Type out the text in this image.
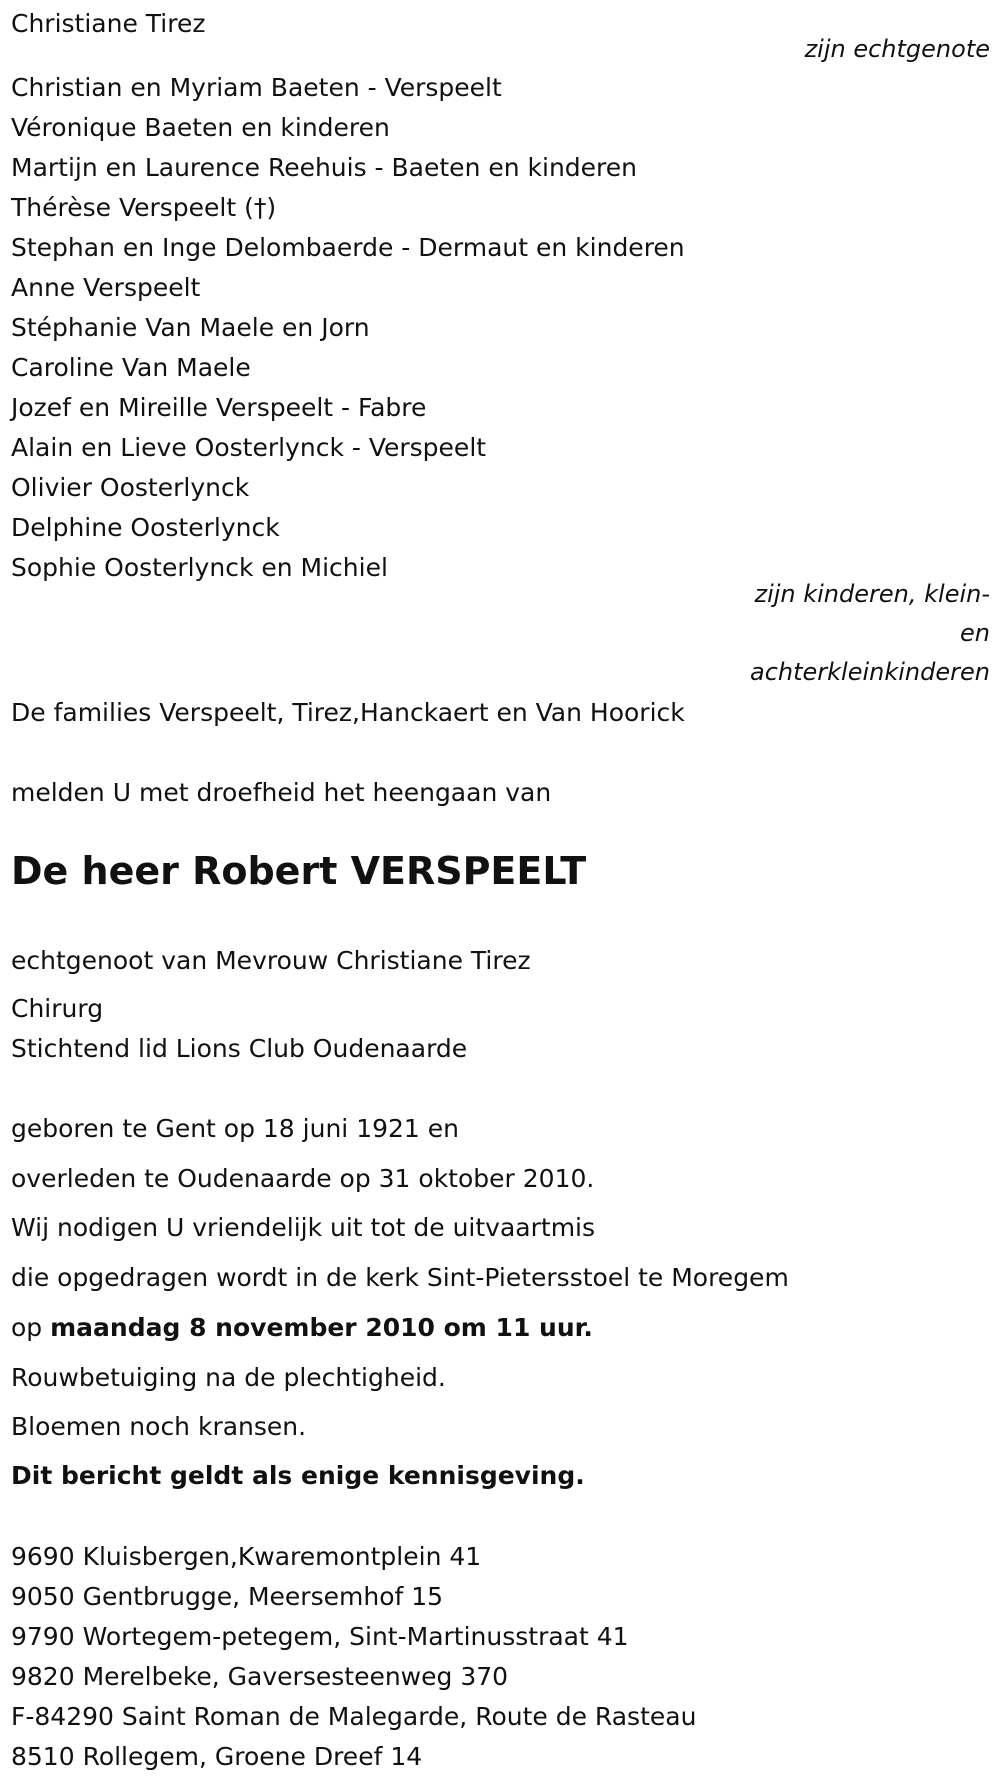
Christiane Tirez
zijn echtgenote
Christian en Myriam Baeten - Verspeelt
Véronique Baeten en kinderen
Martijn en Laurence Reehuis - Baeten en kinderen
Thérèse Verspeelt (†)
Stephan en Inge Delombaerde - Dermaut en kinderen
Anne Verspeelt
Stéphanie Van Maele en Jorn
Caroline Van Maele
Jozef en Mireille Verspeelt - Fabre
Alain en Lieve Oosterlynck - Verspeelt
Olivier Oosterlynck
Delphine Oosterlynck
Sophie Oosterlynck en Michiel
zijn kinderen, klein-
en
achterkleinkinderen
De families Verspeelt, Tirez,Hanckaert en Van Hoorick
melden U met droefheid het heengaan van
De heer Robert VERSPEELT
echtgenoot van Mevrouw Christiane Tirez
Chirurg
Stichtend lid Lions Club Oudenaarde
geboren te Gent op 18 juni 1921 en
overleden te Oudenaarde op 31 oktober 2010.
Wij nodigen U vriendelijk uit tot de uitvaartmis
die opgedragen wordt in de kerk Sint-Pietersstoel te Moregem
op maandag 8 november 2010 om 11 uur.
Rouwbetuiging na de plechtigheid.
Bloemen noch kransen.
Dit bericht geldt als enige kennisgeving.
9690 Kluisbergen,Kwaremontplein 41
9050 Gentbrugge, Meersemhof 15
9790 Wortegem-petegem, Sint-Martinusstraat 41
9820 Merelbeke, Gaversesteenweg 370
F-84290 Saint Roman de Malegarde, Route de Rasteau
8510 Rollegem, Groene Dreef 14
